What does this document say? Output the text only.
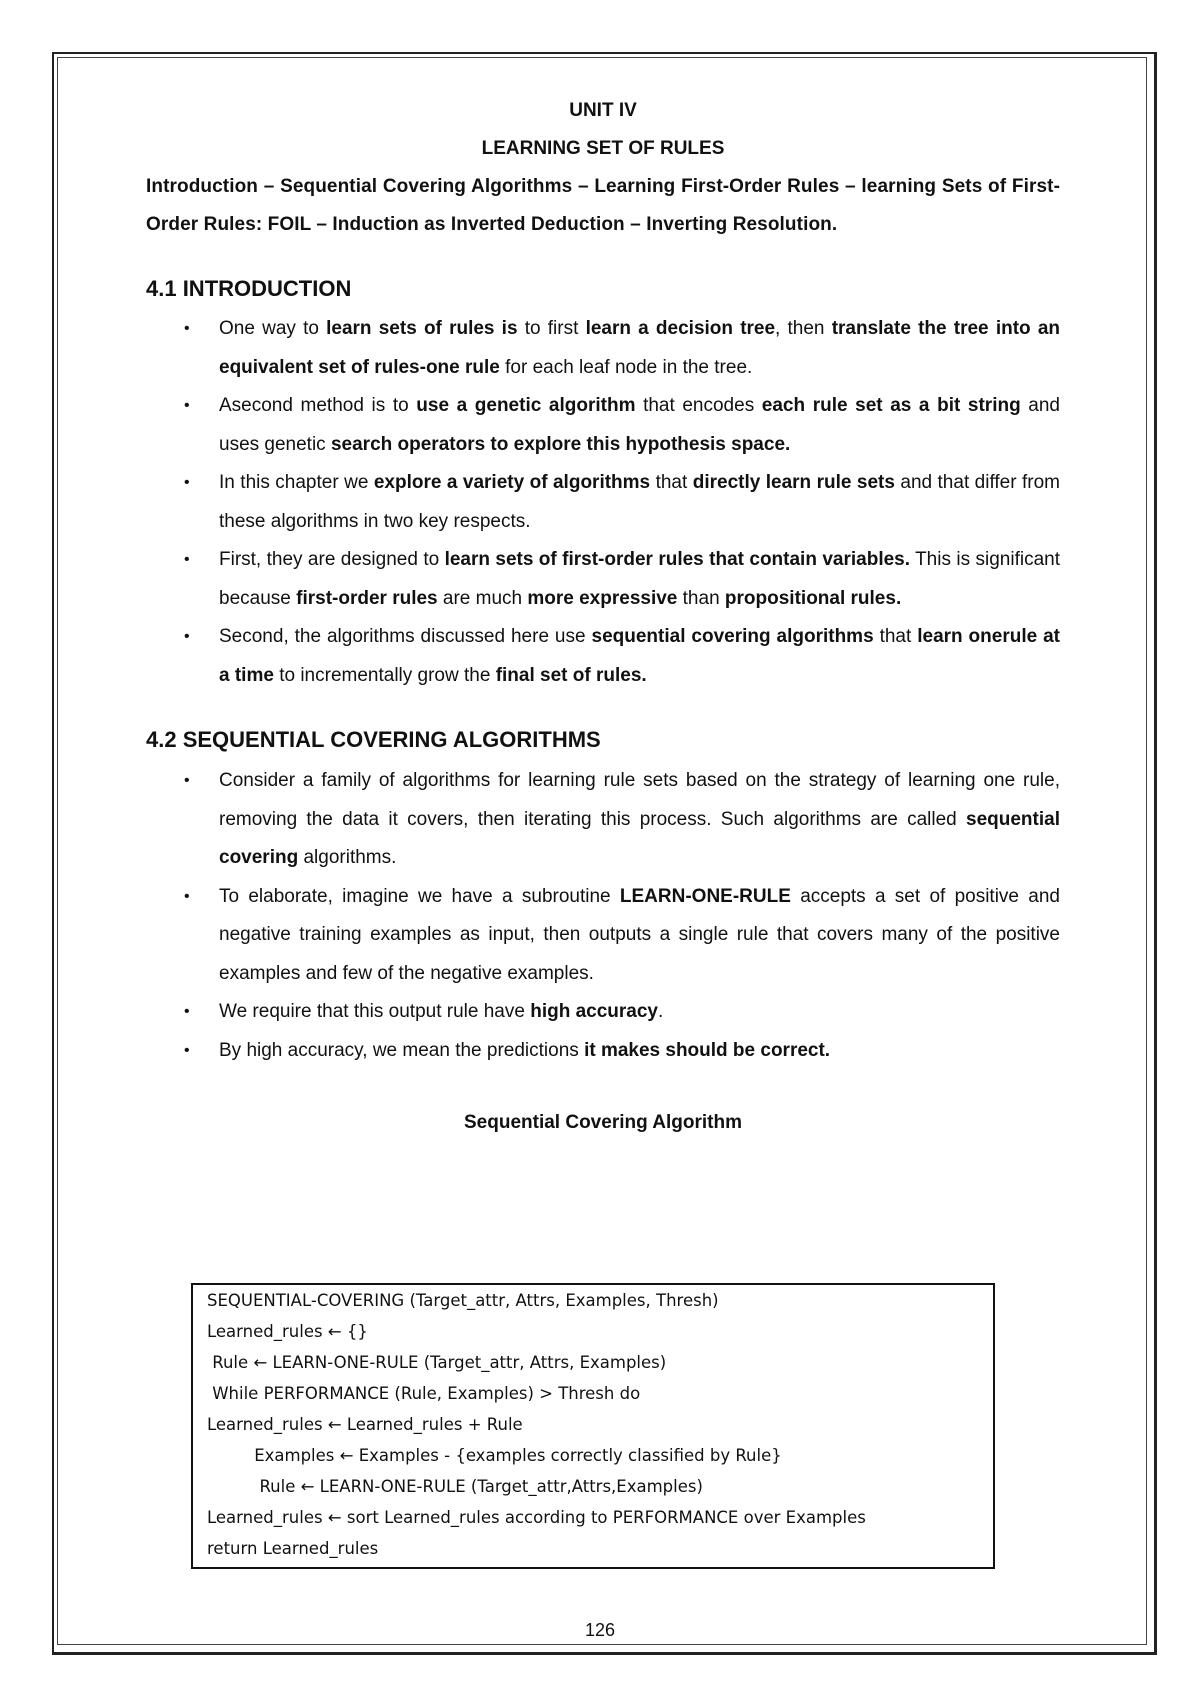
UNIT IV

LEARNING SET OF RULES

Introduction – Sequential Covering Algorithms – Learning First-Order Rules – learning Sets of First-Order Rules: FOIL – Induction as Inverted Deduction – Inverting Resolution.

4.1 INTRODUCTION
• One way to learn sets of rules is to first learn a decision tree, then translate the tree into an equivalent set of rules-one rule for each leaf node in the tree.
• Asecond method is to use a genetic algorithm that encodes each rule set as a bit string and uses genetic search operators to explore this hypothesis space.
• In this chapter we explore a variety of algorithms that directly learn rule sets and that differ from these algorithms in two key respects.
• First, they are designed to learn sets of first-order rules that contain variables. This is significant because first-order rules are much more expressive than propositional rules.
• Second, the algorithms discussed here use sequential covering algorithms that learn onerule at a time to incrementally grow the final set of rules.
4.2 SEQUENTIAL COVERING ALGORITHMS
• Consider a family of algorithms for learning rule sets based on the strategy of learning one rule, removing the data it covers, then iterating this process. Such algorithms are called sequential covering algorithms.
• To elaborate, imagine we have a subroutine LEARN-ONE-RULE accepts a set of positive and negative training examples as input, then outputs a single rule that covers many of the positive examples and few of the negative examples.
• We require that this output rule have high accuracy.
• By high accuracy, we mean the predictions it makes should be correct.

Sequential Covering Algorithm

SEQUENTIAL-COVERING (Target_attr, Attrs, Examples, Thresh)
Learned_rules ← {}
Rule ← LEARN-ONE-RULE (Target_attr, Attrs, Examples)
While PERFORMANCE (Rule, Examples) > Thresh do
Learned_rules ← Learned_rules + Rule
Examples ← Examples - {examples correctly classified by Rule}
Rule ← LEARN-ONE-RULE (Target_attr,Attrs,Examples)
Learned_rules ← sort Learned_rules according to PERFORMANCE over Examples
return Learned_rules
126
